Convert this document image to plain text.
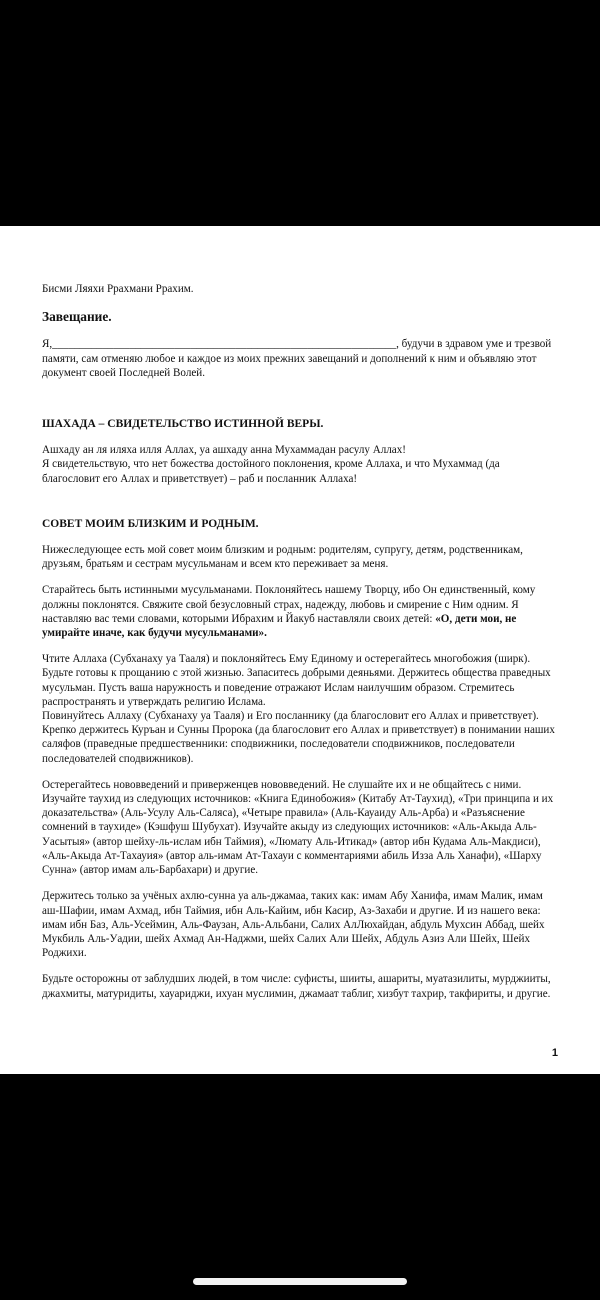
Бисми Ляяхи Ррахмани Ррахим.

Завещание.

Я,______________________________________________________________, будучи в здравом уме и трезвой памяти, сам отменяю любое и каждое из моих прежних завещаний и дополнений к ним и объявляю этот документ своей Последней Волей.

ШАХАДА – СВИДЕТЕЛЬСТВО ИСТИННОЙ ВЕРЫ.

Ашхаду ан ля иляха илля Аллах, уа ашхаду анна Мухаммадан расулу Аллах!

Я свидетельствую, что нет божества достойного поклонения, кроме Аллаха, и что Мухаммад (да благословит его Аллах и приветствует) – раб и посланник Аллаха!

СОВЕТ МОИМ БЛИЗКИМ И РОДНЫМ.

Нижеследующее есть мой совет моим близким и родным: родителям, супругу, детям, родственникам, друзьям, братьям и сестрам мусульманам и всем кто переживает за меня.

Старайтесь быть истинными мусульманами. Поклоняйтесь нашему Творцу, ибо Он единственный, кому должны поклонятся. Свяжите свой безусловный страх, надежду, любовь и смирение с Ним одним. Я наставляю вас теми словами, которыми Ибрахим и Йакуб наставляли своих детей: «О, дети мои, не умирайте иначе, как будучи мусульманами».

Чтите Аллаха (Субханаху уа Тааля) и поклоняйтесь Ему Единому и остерегайтесь многобожия (ширк). Будьте готовы к прощанию с этой жизнью. Запаситесь добрыми деяньями. Держитесь общества праведных мусульман. Пусть ваша наружность и поведение отражают Ислам наилучшим образом. Стремитесь распространять и утверждать религию Ислама.

Повинуйтесь Аллаху (Субханаху уа Тааля) и Его посланнику (да благословит его Аллах и приветствует). Крепко держитесь Куръан и Сунны Пророка (да благословит его Аллах и приветствует) в понимании наших саляфов (праведные предшественники: сподвижники, последователи сподвижников, последователи последователей сподвижников).

Остерегайтесь нововведений и приверженцев нововведений. Не слушайте их и не общайтесь с ними. Изучайте таухид из следующих источников: «Книга Единобожия» (Китабу Ат-Таухид), «Три принципа и их доказательства» (Аль-Усулу Аль-Саляса), «Четыре правила» (Аль-Кауаиду Аль-Арба) и «Разъяснение сомнений в таухиде» (Кэшфуш Шубухат). Изучайте акыду из следующих источников: «Аль-Акыда Аль-Уасытыя» (автор шейху-ль-ислам ибн Таймия), «Люмату Аль-Итикад» (автор ибн Кудама Аль-Макдиси), «Аль-Акыда Ат-Тахауия» (автор аль-имам Ат-Тахауи с комментариями абиль Изза Аль Ханафи), «Шарху Сунна» (автор имам аль-Барбахари) и другие.

Держитесь только за учёных ахлю-сунна уа аль-джамаа, таких как: имам Абу Ханифа, имам Малик, имам аш-Шафии, имам Ахмад, ибн Таймия, ибн Аль-Кайим, ибн Касир, Аз-Захаби и другие. И из нашего века: имам ибн Баз, Аль-Усеймин, Аль-Фаузан, Аль-Альбани, Салих АлЛюхайдан, абдуль Мухсин Аббад, шейх Мукбиль Аль-Уадии, шейх Ахмад Ан-Наджми, шейх Салих Али Шейх, Абдуль Азиз Али Шейх, Шейх Роджихи.

Будьте осторожны от заблудших людей, в том числе: суфисты, шииты, ашариты, муатазилиты, мурджииты, джахмиты, матуридиты, хауариджи, ихуан муслимин, джамаат таблиг, хизбут тахрир, такфириты, и другие.

1
